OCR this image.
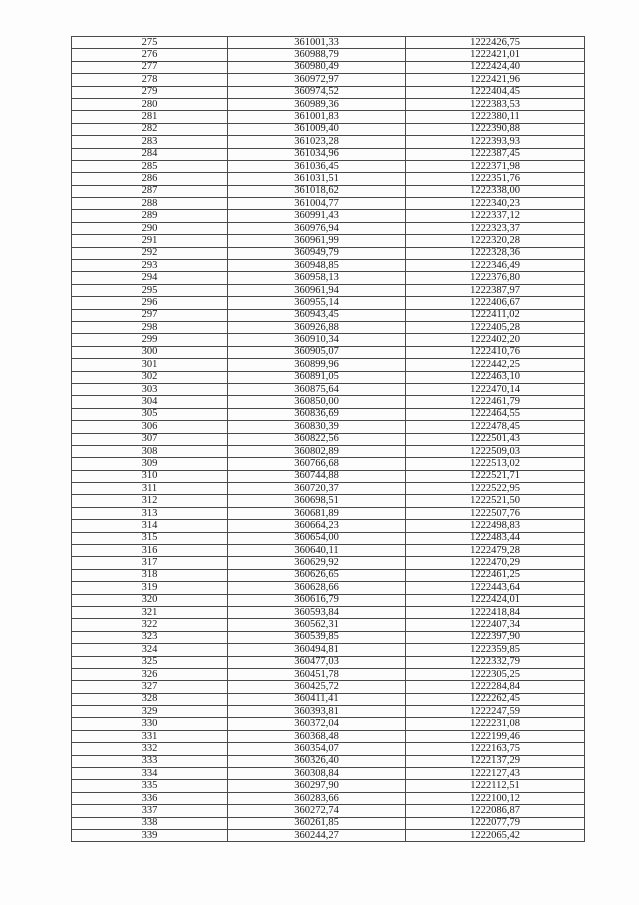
275	361001,33	1222426,75
276	360988,79	1222421,01
277	360980,49	1222424,40
278	360972,97	1222421,96
279	360974,52	1222404,45
280	360989,36	1222383,53
281	361001,83	1222380,11
282	361009,40	1222390,88
283	361023,28	1222393,93
284	361034,96	1222387,45
285	361036,45	1222371,98
286	361031,51	1222351,76
287	361018,62	1222338,00
288	361004,77	1222340,23
289	360991,43	1222337,12
290	360976,94	1222323,37
291	360961,99	1222320,28
292	360949,79	1222328,36
293	360948,85	1222346,49
294	360958,13	1222376,80
295	360961,94	1222387,97
296	360955,14	1222406,67
297	360943,45	1222411,02
298	360926,88	1222405,28
299	360910,34	1222402,20
300	360905,07	1222410,76
301	360899,96	1222442,25
302	360891,05	1222463,10
303	360875,64	1222470,14
304	360850,00	1222461,79
305	360836,69	1222464,55
306	360830,39	1222478,45
307	360822,56	1222501,43
308	360802,89	1222509,03
309	360766,68	1222513,02
310	360744,88	1222521,71
311	360720,37	1222522,95
312	360698,51	1222521,50
313	360681,89	1222507,76
314	360664,23	1222498,83
315	360654,00	1222483,44
316	360640,11	1222479,28
317	360629,92	1222470,29
318	360626,65	1222461,25
319	360628,66	1222443,64
320	360616,79	1222424,01
321	360593,84	1222418,84
322	360562,31	1222407,34
323	360539,85	1222397,90
324	360494,81	1222359,85
325	360477,03	1222332,79
326	360451,78	1222305,25
327	360425,72	1222284,84
328	360411,41	1222262,45
329	360393,81	1222247,59
330	360372,04	1222231,08
331	360368,48	1222199,46
332	360354,07	1222163,75
333	360326,40	1222137,29
334	360308,84	1222127,43
335	360297,90	1222112,51
336	360283,66	1222100,12
337	360272,74	1222086,87
338	360261,85	1222077,79
339	360244,27	1222065,42
